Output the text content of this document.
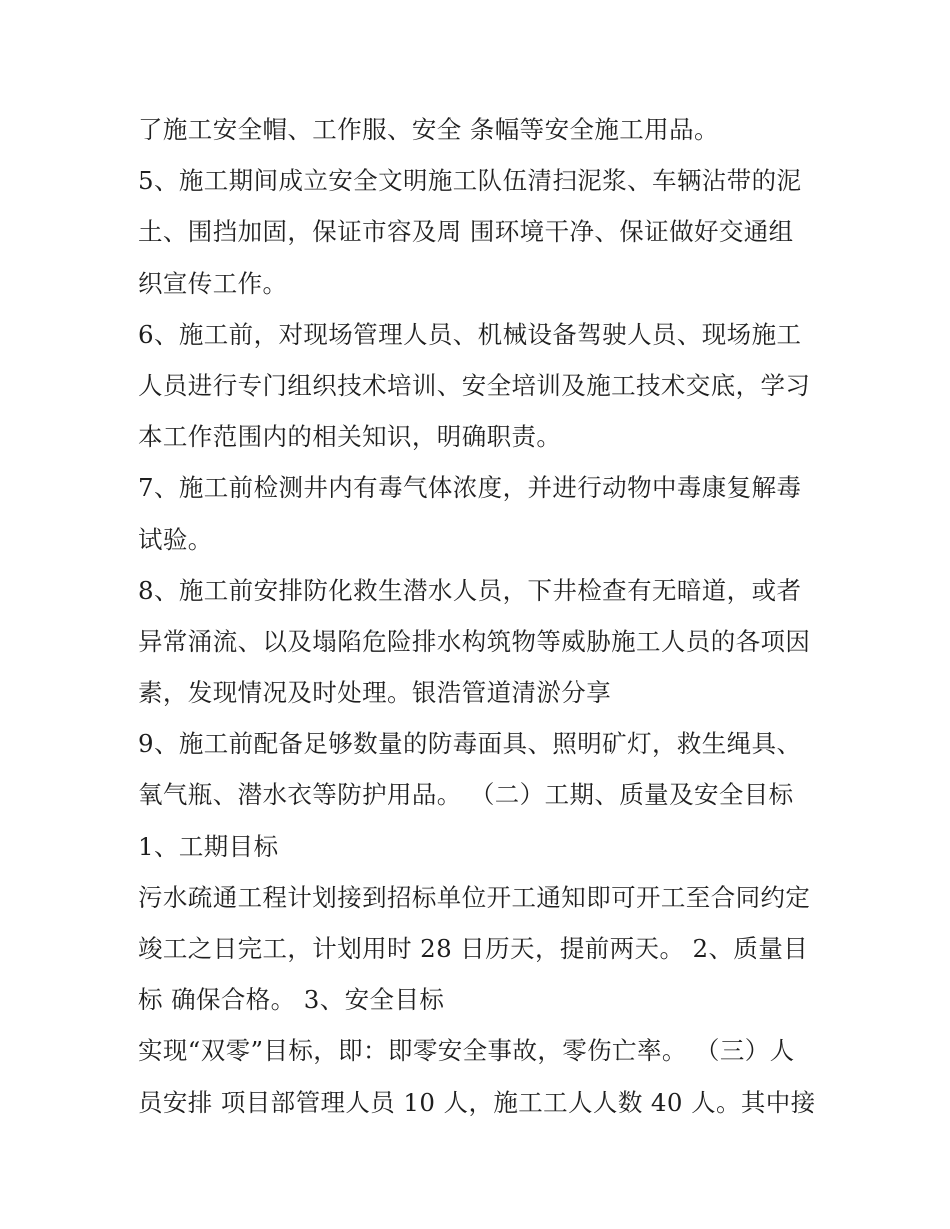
了施工安全帽、工作服、安全 条幅等安全施工用品。
5、施工期间成立安全文明施工队伍清扫泥浆、车辆沾带的泥
土、围挡加固，保证市容及周 围环境干净、保证做好交通组
织宣传工作。
6、施工前，对现场管理人员、机械设备驾驶人员、现场施工
人员进行专门组织技术培训、安全培训及施工技术交底，学习
本工作范围内的相关知识，明确职责。
7、施工前检测井内有毒气体浓度，并进行动物中毒康复解毒
试验。
8、施工前安排防化救生潜水人员，下井检查有无暗道，或者
异常涌流、以及塌陷危险排水构筑物等威胁施工人员的各项因
素，发现情况及时处理。银浩管道清淤分享
9、施工前配备足够数量的防毒面具、照明矿灯，救生绳具、
氧气瓶、潜水衣等防护用品。 （二）工期、质量及安全目标
1、工期目标
污水疏通工程计划接到招标单位开工通知即可开工至合同约定
竣工之日完工，计划用时 28 日历天，提前两天。 2、质量目
标 确保合格。 3、安全目标
实现“双零”目标，即：即零安全事故，零伤亡率。 （三）人
员安排 项目部管理人员 10 人，施工工人人数 40 人。其中接
